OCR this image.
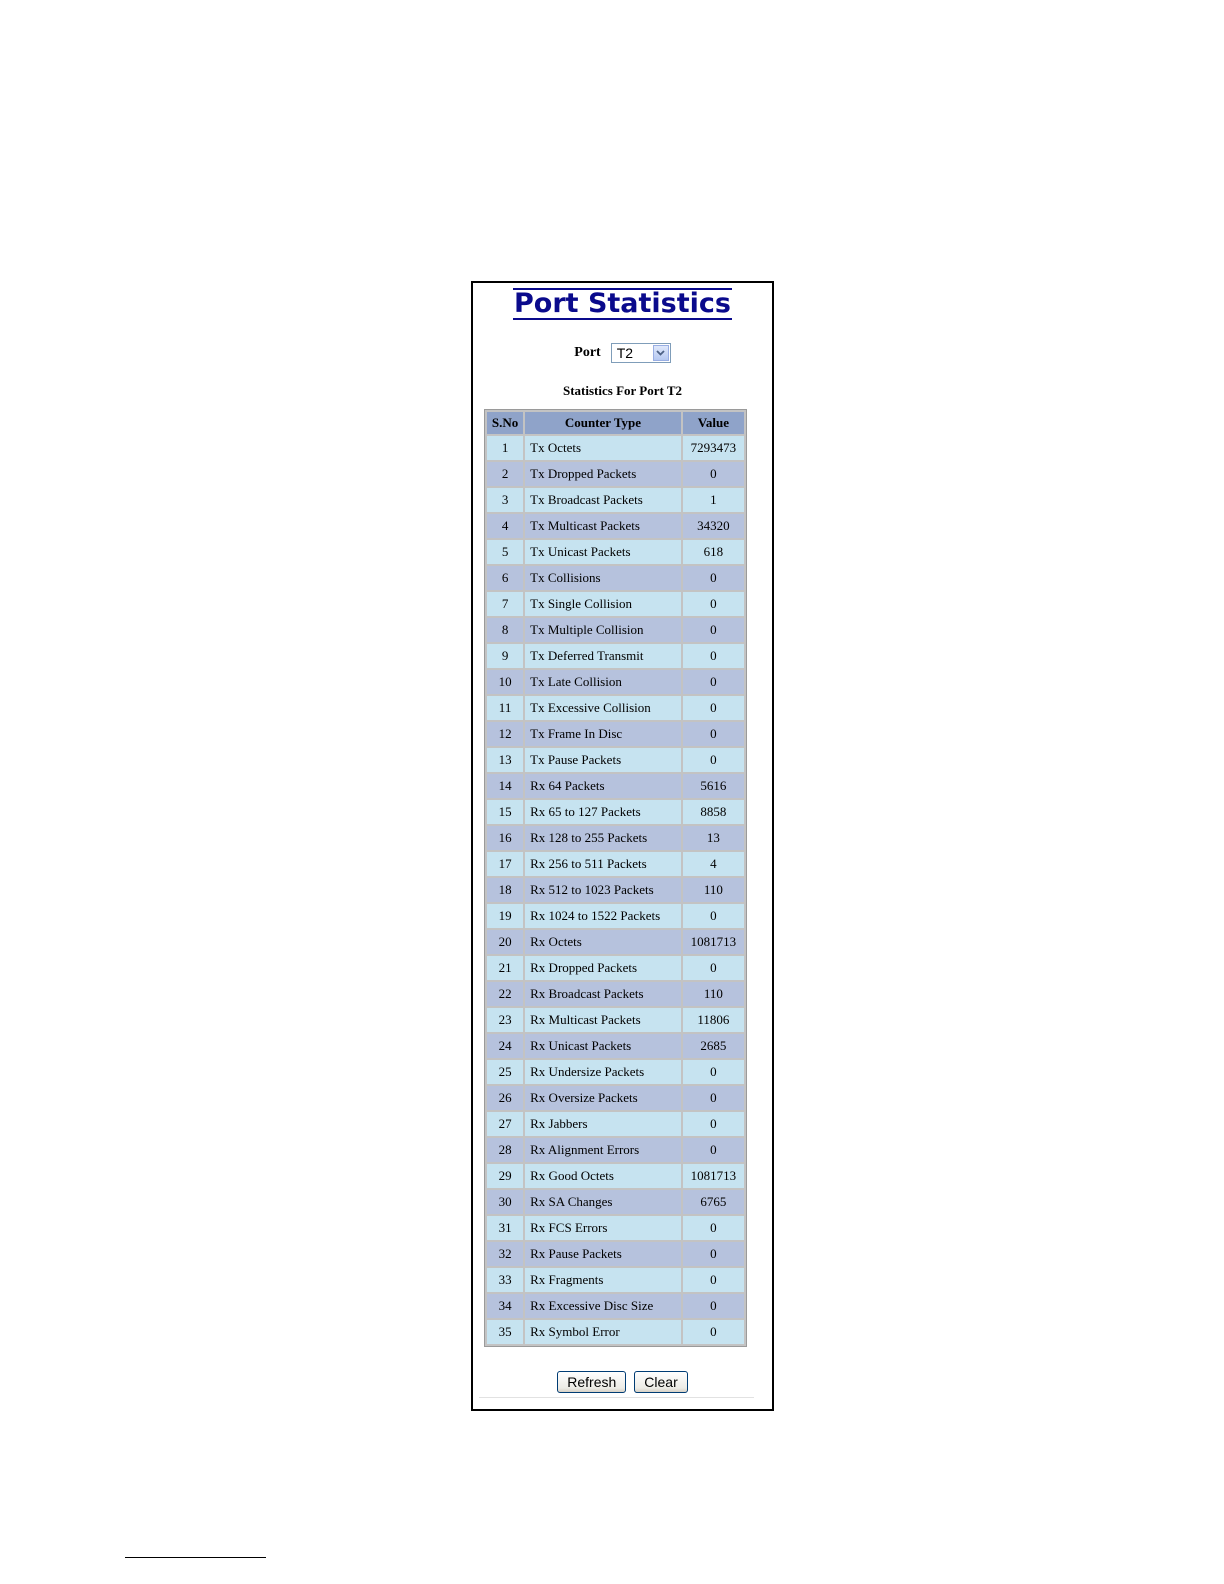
Port Statistics
Port	T2
Statistics For Port T2
S.No	Counter Type	Value
1	Tx Octets	7293473
2	Tx Dropped Packets	0
3	Tx Broadcast Packets	1
4	Tx Multicast Packets	34320
5	Tx Unicast Packets	618
6	Tx Collisions	0
7	Tx Single Collision	0
8	Tx Multiple Collision	0
9	Tx Deferred Transmit	0
10	Tx Late Collision	0
11	Tx Excessive Collision	0
12	Tx Frame In Disc	0
13	Tx Pause Packets	0
14	Rx 64 Packets	5616
15	Rx 65 to 127 Packets	8858
16	Rx 128 to 255 Packets	13
17	Rx 256 to 511 Packets	4
18	Rx 512 to 1023 Packets	110
19	Rx 1024 to 1522 Packets	0
20	Rx Octets	1081713
21	Rx Dropped Packets	0
22	Rx Broadcast Packets	110
23	Rx Multicast Packets	11806
24	Rx Unicast Packets	2685
25	Rx Undersize Packets	0
26	Rx Oversize Packets	0
27	Rx Jabbers	0
28	Rx Alignment Errors	0
29	Rx Good Octets	1081713
30	Rx SA Changes	6765
31	Rx FCS Errors	0
32	Rx Pause Packets	0
33	Rx Fragments	0
34	Rx Excessive Disc Size	0
35	Rx Symbol Error	0
Refresh	Clear
